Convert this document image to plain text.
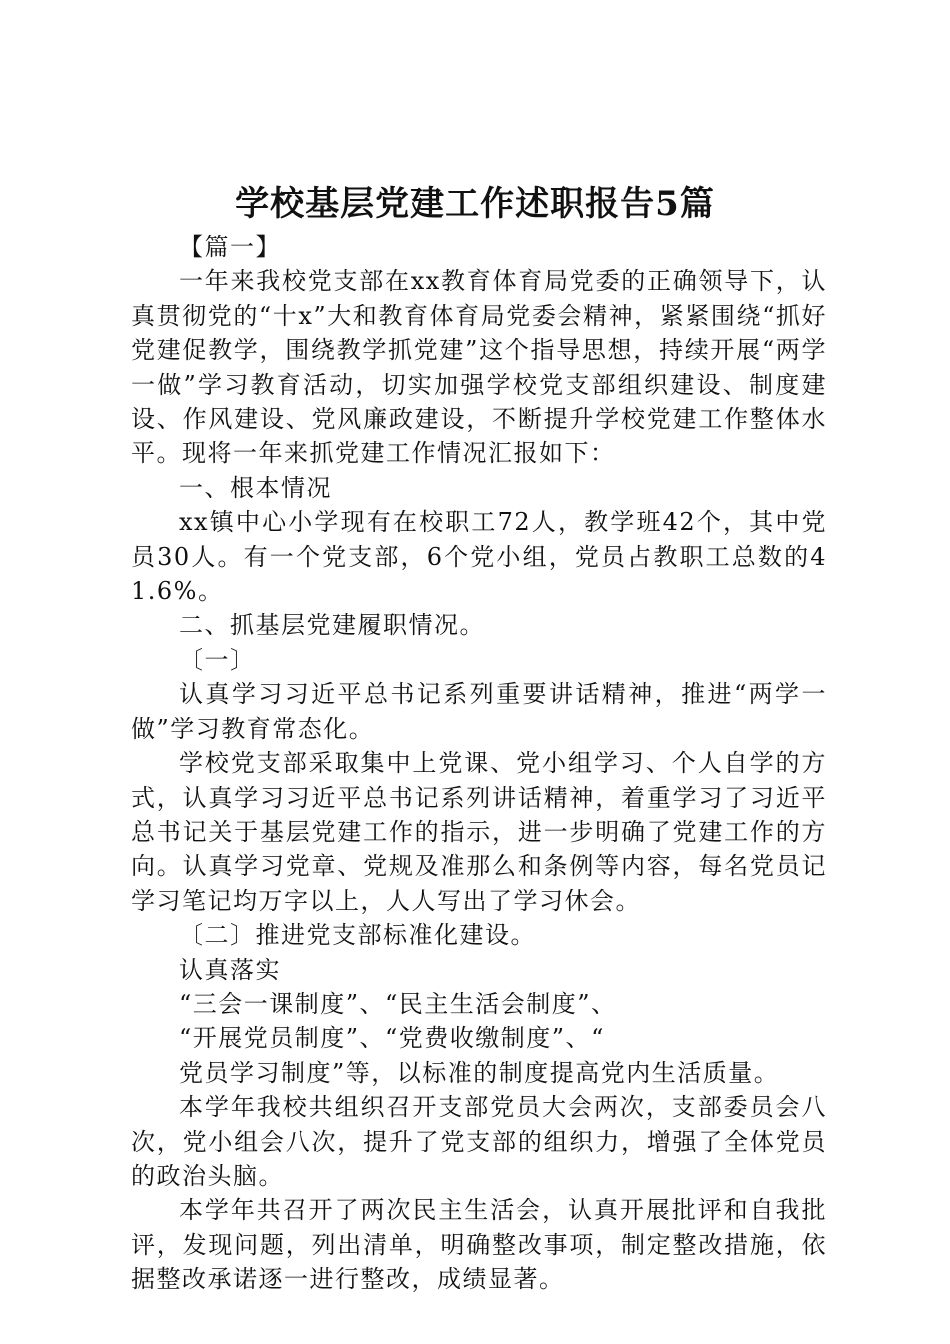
学校基层党建工作述职报告5篇

【篇一】

一年来我校党支部在xx教育体育局党委的正确领导下，认真贯彻党的“十x”大和教育体育局党委会精神，紧紧围绕“抓好党建促教学，围绕教学抓党建”这个指导思想，持续开展“两学一做”学习教育活动，切实加强学校党支部组织建设、制度建设、作风建设、党风廉政建设，不断提升学校党建工作整体水平。现将一年来抓党建工作情况汇报如下：

一、根本情况

xx镇中心小学现有在校职工72人，教学班42个，其中党员30人。有一个党支部，6个党小组，党员占教职工总数的41.6%。

二、抓基层党建履职情况。

〔一〕

认真学习习近平总书记系列重要讲话精神，推进“两学一做”学习教育常态化。

学校党支部采取集中上党课、党小组学习、个人自学的方式，认真学习习近平总书记系列讲话精神，着重学习了习近平总书记关于基层党建工作的指示，进一步明确了党建工作的方向。认真学习党章、党规及准那么和条例等内容，每名党员记学习笔记均万字以上，人人写出了学习休会。

〔二〕推进党支部标准化建设。

认真落实

“三会一课制度”、“民主生活会制度”、

“开展党员制度”、“党费收缴制度”、“

党员学习制度”等，以标准的制度提高党内生活质量。

本学年我校共组织召开支部党员大会两次，支部委员会八次，党小组会八次，提升了党支部的组织力，增强了全体党员的政治头脑。

本学年共召开了两次民主生活会，认真开展批评和自我批评，发现问题，列出清单，明确整改事项，制定整改措施，依据整改承诺逐一进行整改，成绩显著。
